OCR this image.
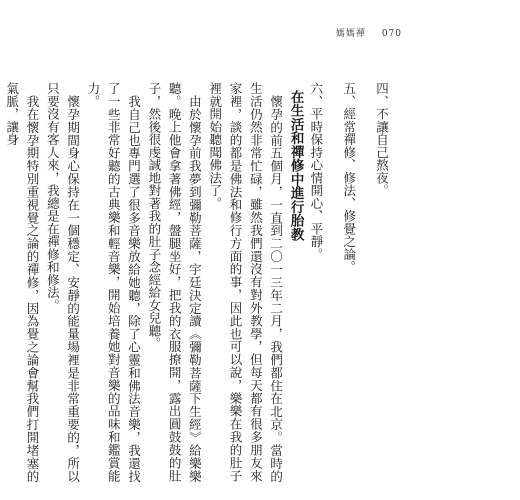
媽媽禪 070

四、不讓自己熬夜。

五、經常禪修、修法、修覺之論。

六、平時保持心情開心、平靜。

在生活和禪修中進行胎教

懷孕的前五個月，一直到二〇一三年二月，我們都住在北京。當時的生活仍然非常忙碌，雖然我們還沒有對外教學，但每天都有很多朋友來家裡，談的都是佛法和修行方面的事，因此也可以說，樂樂在我的肚子裡就開始聽聞佛法了。

由於懷孕前我夢到彌勒菩薩，宇廷決定讀《彌勒菩薩下生經》給樂樂聽。晚上他會拿著佛經，盤腿坐好，把我的衣服撩開，露出圓鼓鼓的肚子，然後很虔誠地對著我的肚子念經給女兒聽。

我自己也專門選了很多音樂放給她聽，除了心靈和佛法音樂，我還找了一些非常好聽的古典樂和輕音樂，開始培養她對音樂的品味和鑑賞能力。

懷孕期間身心保持在一個穩定、安靜的能量場裡是非常重要的，所以只要沒有客人來，我總是在禪修和修法。

我在懷孕期特別重視覺之論的禪修，因為覺之論會幫我們打開堵塞的氣脈，讓身
